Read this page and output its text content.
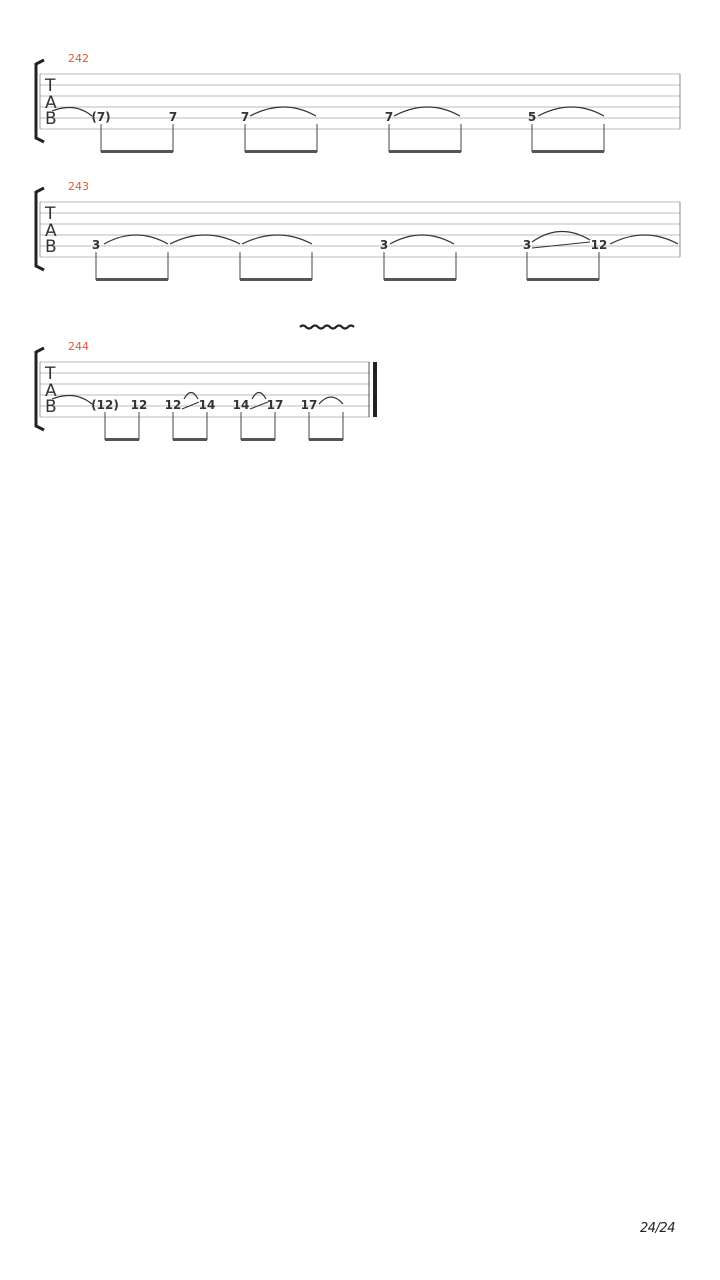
242
T
A
B	(7)	7	7	7	5
243
T
A
B	3	3	3	12
244
T
A
B	(12) 12 12 14 14 17 17
24/24
